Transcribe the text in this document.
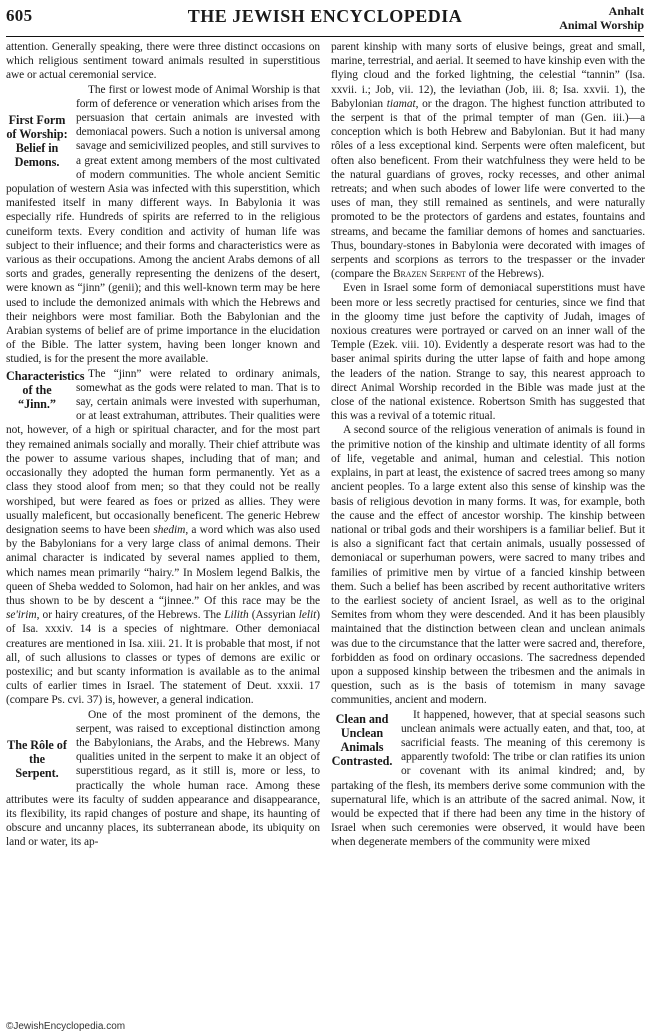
605	THE JEWISH ENCYCLOPEDIA	Anhalt
Animal Worship

attention. Generally speaking, there were three distinct occasions on which religious sentiment toward animals resulted in superstitious awe or actual ceremonial service.

First Form of Worship: Belief in Demons.

The first or lowest mode of Animal Worship is that form of deference or veneration which arises from the persuasion that certain animals are invested with demoniacal powers. Such a notion is universal among savage and semicivilized peoples, and still survives to a great extent among members of the most cultivated of modern communities. The whole ancient Semitic population of western Asia was infected with this superstition, which manifested itself in many different ways. In Babylonia it was especially rife. Hundreds of spirits are referred to in the religious cuneiform texts. Every condition and activity of human life was subject to their influence; and their forms and characteristics were as various as their occupations. Among the ancient Arabs demons of all sorts and grades, generally representing the denizens of the desert, were known as “jinn” (genii); and this well-known term may be here used to include the demonized animals with which the Hebrews and their neighbors were most familiar. Both the Babylonian and the Arabian systems of belief are of prime importance in the elucidation of the Bible. The latter system, having been longer known and studied, is for the present the more available.

Characteristics of the “Jinn.”

The “jinn” were related to ordinary animals, somewhat as the gods were related to man. That is to say, certain animals were invested with superhuman, or at least extrahuman, attributes. Their qualities were not, however, of a high or spiritual character, and for the most part they remained animals socially and morally. Their chief attribute was the power to assume various shapes, including that of man; and occasionally they adopted the human form permanently. Yet as a class they stood aloof from men; so that they could not be really worshiped, but were feared as foes or prized as allies. They were usually maleficent, but occasionally beneficent. The generic Hebrew designation seems to have been shedim, a word which was also used by the Babylonians for a very large class of animal demons. Their animal character is indicated by several names applied to them, which names mean primarily “hairy.” In Moslem legend Balkis, the queen of Sheba wedded to Solomon, had hair on her ankles, and was thus shown to be by descent a “jinnee.” Of this race may be the se'irim, or hairy creatures, of the Hebrews. The Lilith (Assyrian lelit) of Isa. xxxiv. 14 is a species of nightmare. Other demoniacal creatures are mentioned in Isa. xiii. 21. It is probable that most, if not all, of such allusions to classes or types of demons are exilic or postexilic; and but scanty information is available as to the animal cults of earlier times in Israel. The statement of Deut. xxxii. 17 (compare Ps. cvi. 37) is, however, a general indication.

The Rôle of the Serpent.

One of the most prominent of the demons, the serpent, was raised to exceptional distinction among the Babylonians, the Arabs, and the Hebrews. Many qualities united in the serpent to make it an object of superstitious regard, as it still is, more or less, to practically the whole human race. Among these attributes were its faculty of sudden appearance and disappearance, its flexibility, its rapid changes of posture and shape, its haunting of obscure and uncanny places, its subterranean abode, its ubiquity on land or water, its ap-

parent kinship with many sorts of elusive beings, great and small, marine, terrestrial, and aerial. It seemed to have kinship even with the flying cloud and the forked lightning, the celestial “tannin” (Isa. xxvii. i.; Job, vii. 12), the leviathan (Job, iii. 8; Isa. xxvii. 1), the Babylonian tiamat, or the dragon. The highest function attributed to the serpent is that of the primal tempter of man (Gen. iii.)—a conception which is both Hebrew and Babylonian. But it had many rôles of a less exceptional kind. Serpents were often maleficent, but often also beneficent. From their watchfulness they were held to be the natural guardians of groves, rocky recesses, and other animal retreats; and when such abodes of lower life were converted to the uses of man, they still remained as sentinels, and were naturally promoted to be the protectors of gardens and estates, fountains and streams, and became the familiar demons of homes and sanctuaries. Thus, boundary-stones in Babylonia were decorated with images of serpents and scorpions as terrors to the trespasser or the invader (compare the Brazen Serpent of the Hebrews).

Even in Israel some form of demoniacal superstitions must have been more or less secretly practised for centuries, since we find that in the gloomy time just before the captivity of Judah, images of noxious creatures were portrayed or carved on an inner wall of the Temple (Ezek. viii. 10). Evidently a desperate resort was had to the baser animal spirits during the utter lapse of faith and hope among the leaders of the nation. Strange to say, this nearest approach to direct Animal Worship recorded in the Bible was made just at the close of the national existence. Robertson Smith has suggested that this was a revival of a totemic ritual.

A second source of the religious veneration of animals is found in the primitive notion of the kinship and ultimate identity of all forms of life, vegetable and animal, human and celestial. This notion explains, in part at least, the existence of sacred trees among so many ancient peoples. To a large extent also this sense of kinship was the basis of religious devotion in many forms. It was, for example, both the cause and the effect of ancestor worship. The kinship between national or tribal gods and their worshipers is a familiar belief. But it is also a significant fact that certain animals, usually possessed of demoniacal or superhuman powers, were sacred to many tribes and families of primitive men by virtue of a fancied kinship between them. Such a belief has been ascribed by recent authoritative writers to the earliest society of ancient Israel, as well as to the original Semites from whom they were descended. And it has been plausibly maintained that the distinction between clean and unclean animals was due to the circumstance that the latter were sacred and, therefore, forbidden as food on ordinary occasions. The sacredness depended upon a supposed kinship between the tribesmen and the animals in question, such as is the basis of totemism in many savage communities, ancient and modern.

Clean and Unclean Animals Contrasted.

It happened, however, that at special seasons such unclean animals were actually eaten, and that, too, at sacrificial feasts. The meaning of this ceremony is apparently twofold: The tribe or clan ratifies its union or covenant with its animal kindred; and, by partaking of the flesh, its members derive some communion with the supernatural life, which is an attribute of the sacred animal. Now, it would be expected that if there had been any time in the history of Israel when such ceremonies were observed, it would have been when degenerate members of the community were mixed

©JewishEncyclopedia.com
